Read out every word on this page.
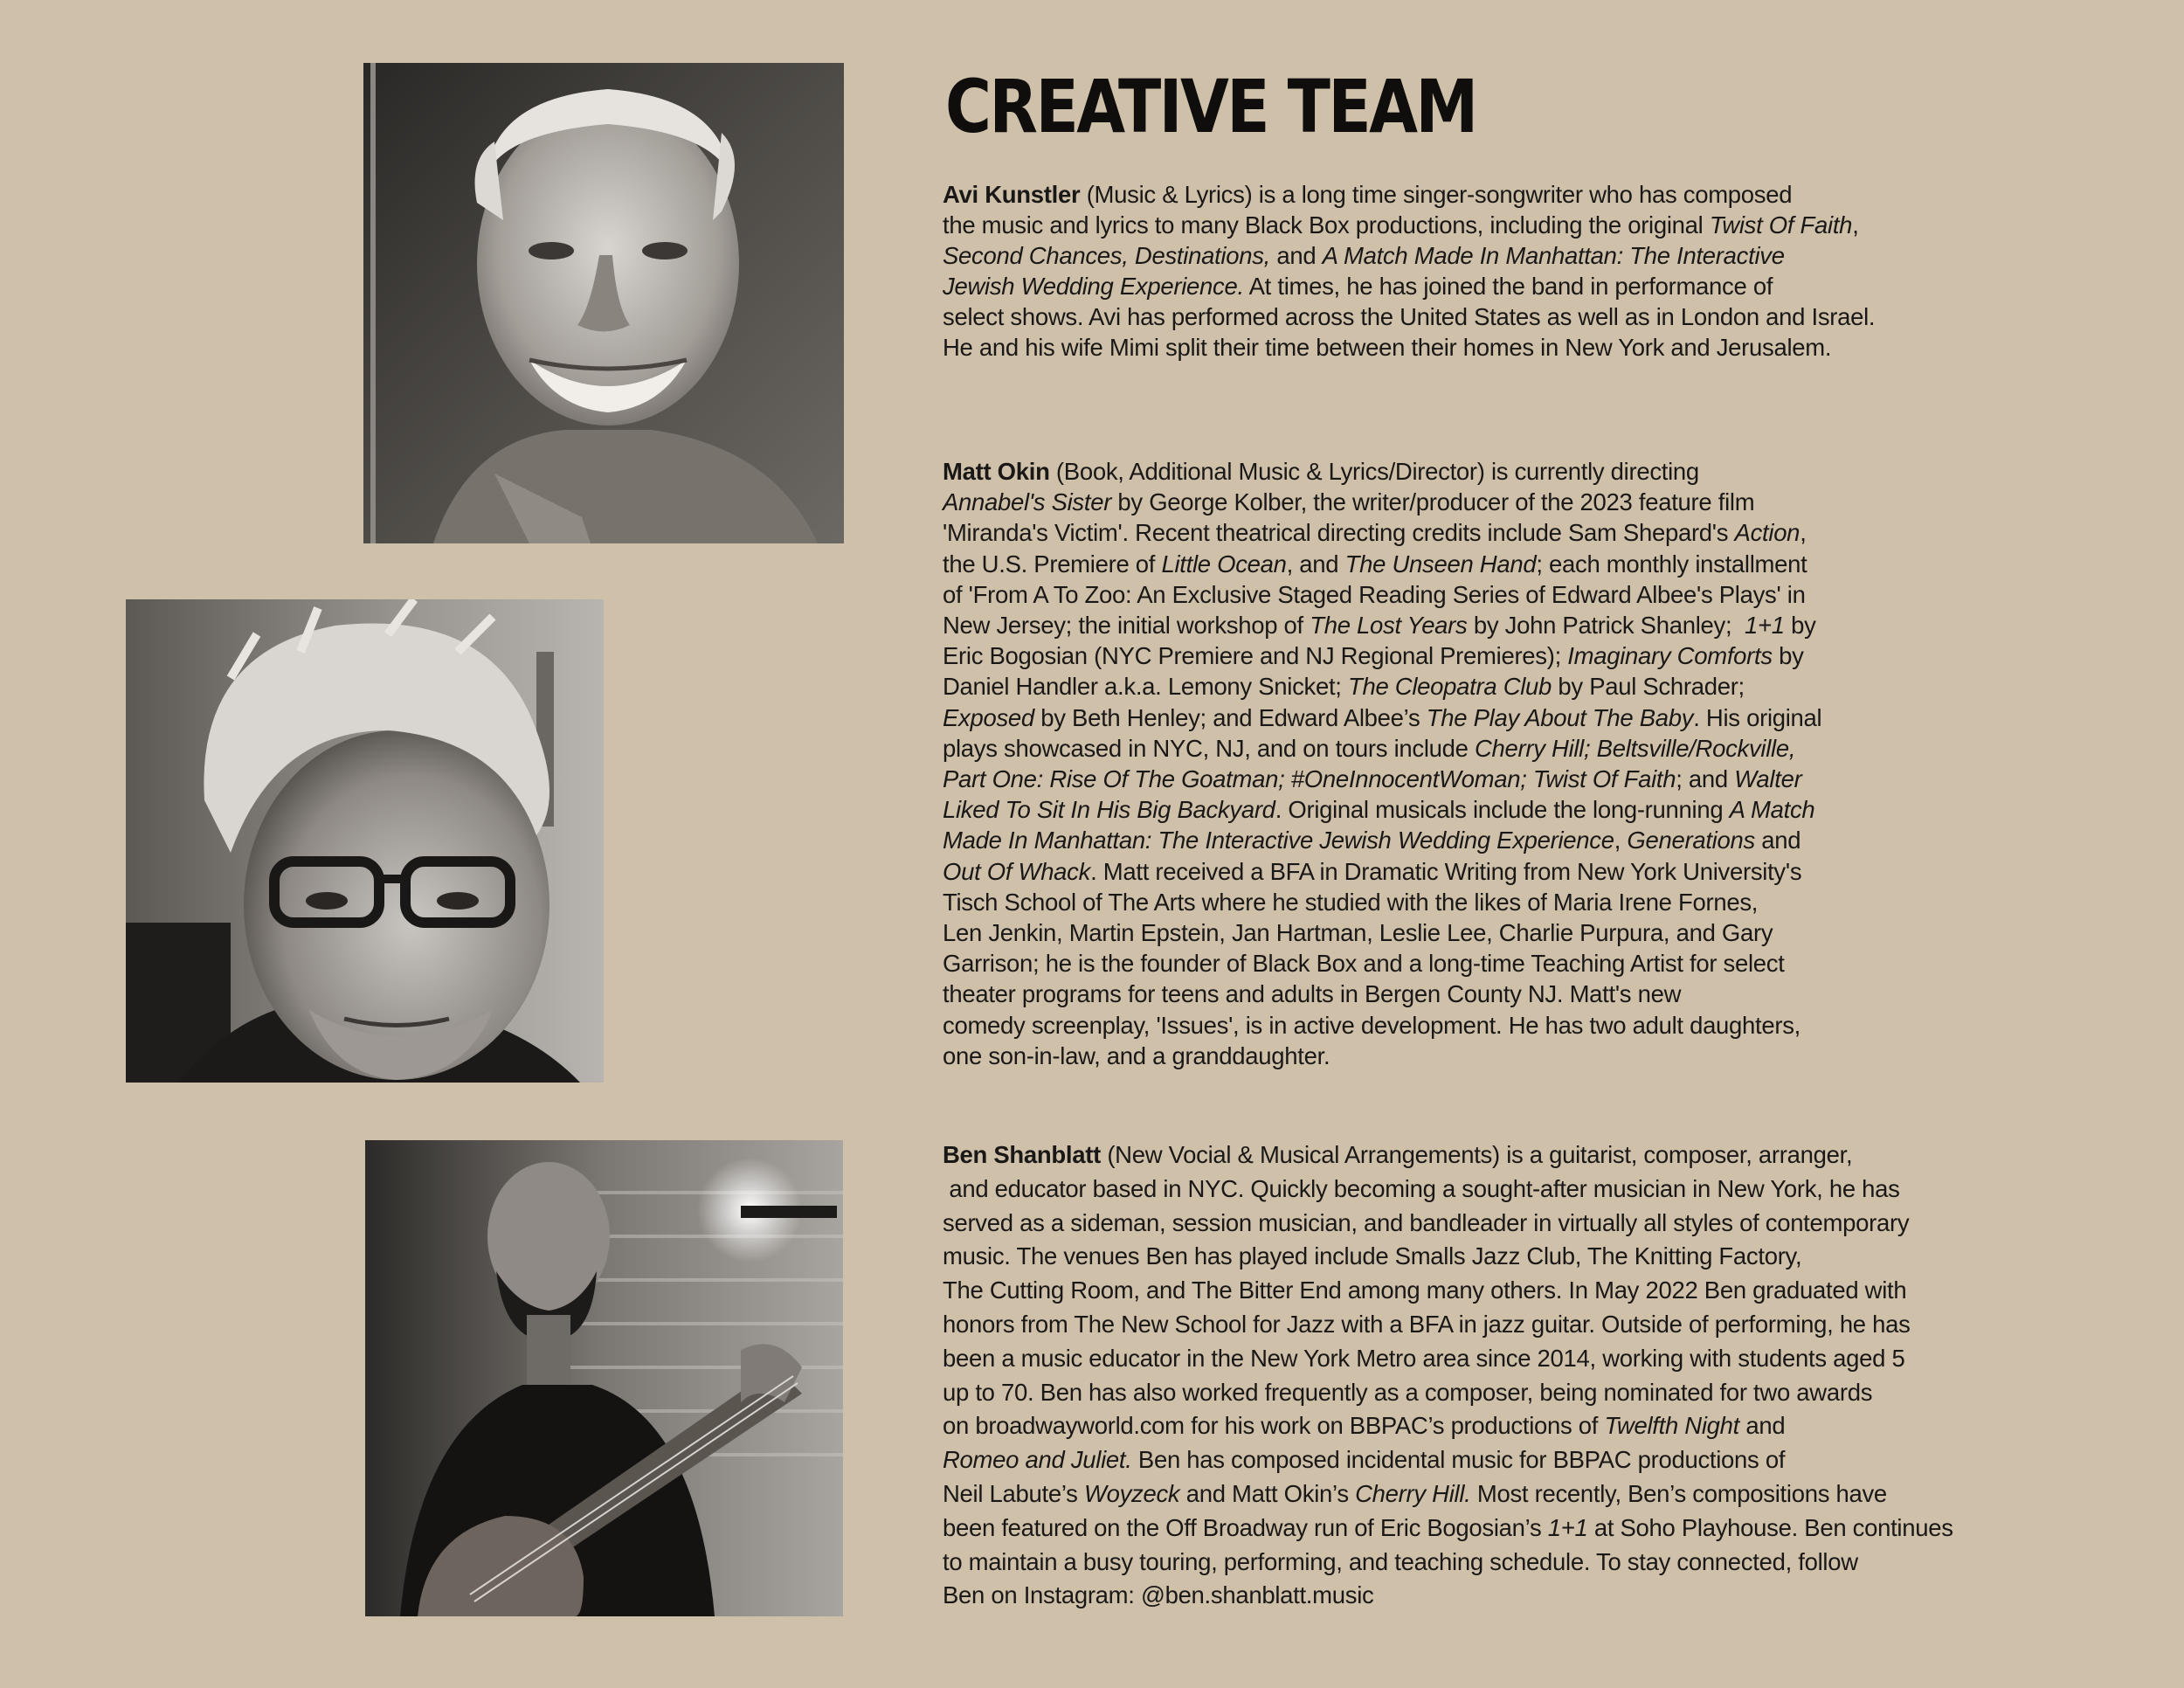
CREATIVE TEAM
Avi Kunstler (Music & Lyrics) is a long time singer-songwriter who has composed
the music and lyrics to many Black Box productions, including the original Twist Of Faith,
Second Chances, Destinations, and A Match Made In Manhattan: The Interactive
Jewish Wedding Experience. At times, he has joined the band in performance of
select shows. Avi has performed across the United States as well as in London and Israel.
He and his wife Mimi split their time between their homes in New York and Jerusalem.
Matt Okin (Book, Additional Music & Lyrics/Director) is currently directing
Annabel's Sister by George Kolber, the writer/producer of the 2023 feature film
'Miranda's Victim'. Recent theatrical directing credits include Sam Shepard's Action,
the U.S. Premiere of Little Ocean, and The Unseen Hand; each monthly installment
of 'From A To Zoo: An Exclusive Staged Reading Series of Edward Albee's Plays' in
New Jersey; the initial workshop of The Lost Years by John Patrick Shanley;  1+1 by
Eric Bogosian (NYC Premiere and NJ Regional Premieres); Imaginary Comforts by
Daniel Handler a.k.a. Lemony Snicket; The Cleopatra Club by Paul Schrader;
Exposed by Beth Henley; and Edward Albee’s The Play About The Baby. His original
plays showcased in NYC, NJ, and on tours include Cherry Hill; Beltsville/Rockville,
Part One: Rise Of The Goatman; #OneInnocentWoman; Twist Of Faith; and Walter
Liked To Sit In His Big Backyard. Original musicals include the long-running A Match
Made In Manhattan: The Interactive Jewish Wedding Experience, Generations and
Out Of Whack. Matt received a BFA in Dramatic Writing from New York University's
Tisch School of The Arts where he studied with the likes of Maria Irene Fornes,
Len Jenkin, Martin Epstein, Jan Hartman, Leslie Lee, Charlie Purpura, and Gary
Garrison; he is the founder of Black Box and a long-time Teaching Artist for select
theater programs for teens and adults in Bergen County NJ. Matt's new
comedy screenplay, 'Issues', is in active development. He has two adult daughters,
one son-in-law, and a granddaughter.
Ben Shanblatt (New Vocial & Musical Arrangements) is a guitarist, composer, arranger,
and educator based in NYC. Quickly becoming a sought-after musician in New York, he has
served as a sideman, session musician, and bandleader in virtually all styles of contemporary
music. The venues Ben has played include Smalls Jazz Club, The Knitting Factory,
The Cutting Room, and The Bitter End among many others. In May 2022 Ben graduated with
honors from The New School for Jazz with a BFA in jazz guitar. Outside of performing, he has
been a music educator in the New York Metro area since 2014, working with students aged 5
up to 70. Ben has also worked frequently as a composer, being nominated for two awards
on broadwayworld.com for his work on BBPAC’s productions of Twelfth Night and
Romeo and Juliet. Ben has composed incidental music for BBPAC productions of
Neil Labute’s Woyzeck and Matt Okin’s Cherry Hill. Most recently, Ben’s compositions have
been featured on the Off Broadway run of Eric Bogosian’s 1+1 at Soho Playhouse. Ben continues
to maintain a busy touring, performing, and teaching schedule. To stay connected, follow
Ben on Instagram: @ben.shanblatt.music
